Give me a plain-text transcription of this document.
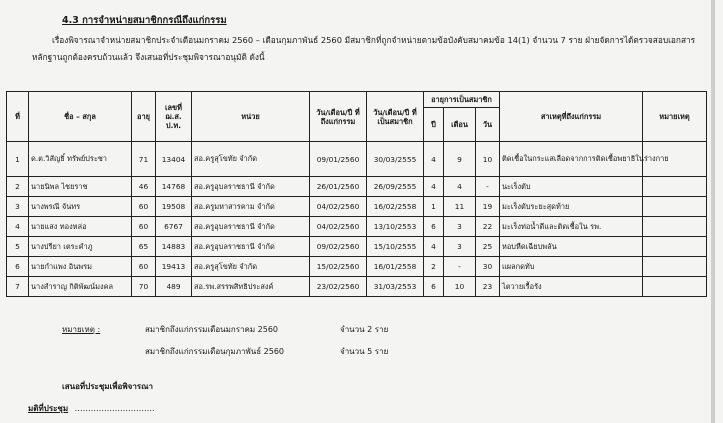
4.3 การจำหน่ายสมาชิกกรณีถึงแก่กรรม
เรื่องพิจารณาจำหน่ายสมาชิกประจำเดือนมกราคม 2560 – เดือนกุมภาพันธ์ 2560 มีสมาชิกที่ถูกจำหน่ายตามข้อบังคับสมาคมข้อ 14(1) จำนวน 7 ราย ฝ่ายจัดการได้ตรวจสอบเอกสารหลักฐานถูกต้องครบถ้วนแล้ว จึงเสนอที่ประชุมพิจารณาอนุมัติ ดังนี้
ที่	ชื่อ – สกุล	อายุ	เลขที่ ฌ.ส. ป.ท.	หน่วย	วัน/เดือน/ปี ที่ถึงแก่กรรม	วัน/เดือน/ปี ที่เป็นสมาชิก	อายุการเป็นสมาชิก			สาเหตุที่ถึงแก่กรรม	หมายเหตุ
							ปี	เดือน	วัน		
1	ด.ต.วิสัญธิ์ ทรัพย์ประชา	71	13404	สอ.ครูสุโขทัย จำกัด	09/01/2560	30/03/2555	4	9	10	ติดเชื้อในกระแสเลือดจากการติดเชื้อพยาธิในร่างกาย	
2	นายนิพล ไชยราช	46	14768	สอ.ครูอุบลราชธานี จำกัด	26/01/2560	26/09/2555	4	4	-	นะเร็งตับ	
3	นางพรณี จันทร	60	19508	สอ.ครูมหาสารคาม จำกัด	04/02/2560	16/02/2558	1	11	19	มะเร็งตับระยะสุดท้าย	
4	นายแสง ทองหล่อ	60	6767	สอ.ครูอุบลราชธานี จำกัด	04/02/2560	13/10/2553	6	3	22	มะเร็งท่อน้ำดีและติดเชื้อใน รพ.	
5	นางปรียา เตระคำภู	65	14883	สอ.ครูอุบลราชธานี จำกัด	09/02/2560	15/10/2555	4	3	25	หอบหืดเฉียบพลัน	
6	นายกำแพง อินพรม	60	19413	สอ.ครูสุโขทัย จำกัด	15/02/2560	16/01/2558	2	-	30	แผลกดทับ	
7	นางสำราญ กิติพัฒน์มงคล	70	489	สอ.รพ.สรรพสิทธิประสงค์	23/02/2560	31/03/2553	6	10	23	ไตวายเรื้อรัง	
หมายเหตุ :	สมาชิกถึงแก่กรรมเดือนมกราคม 2560	จำนวน 2 ราย
สมาชิกถึงแก่กรรมเดือนกุมภาพันธ์ 2560	จำนวน 5 ราย
เสนอที่ประชุมเพื่อพิจารณา
มติที่ประชุม …………………………
